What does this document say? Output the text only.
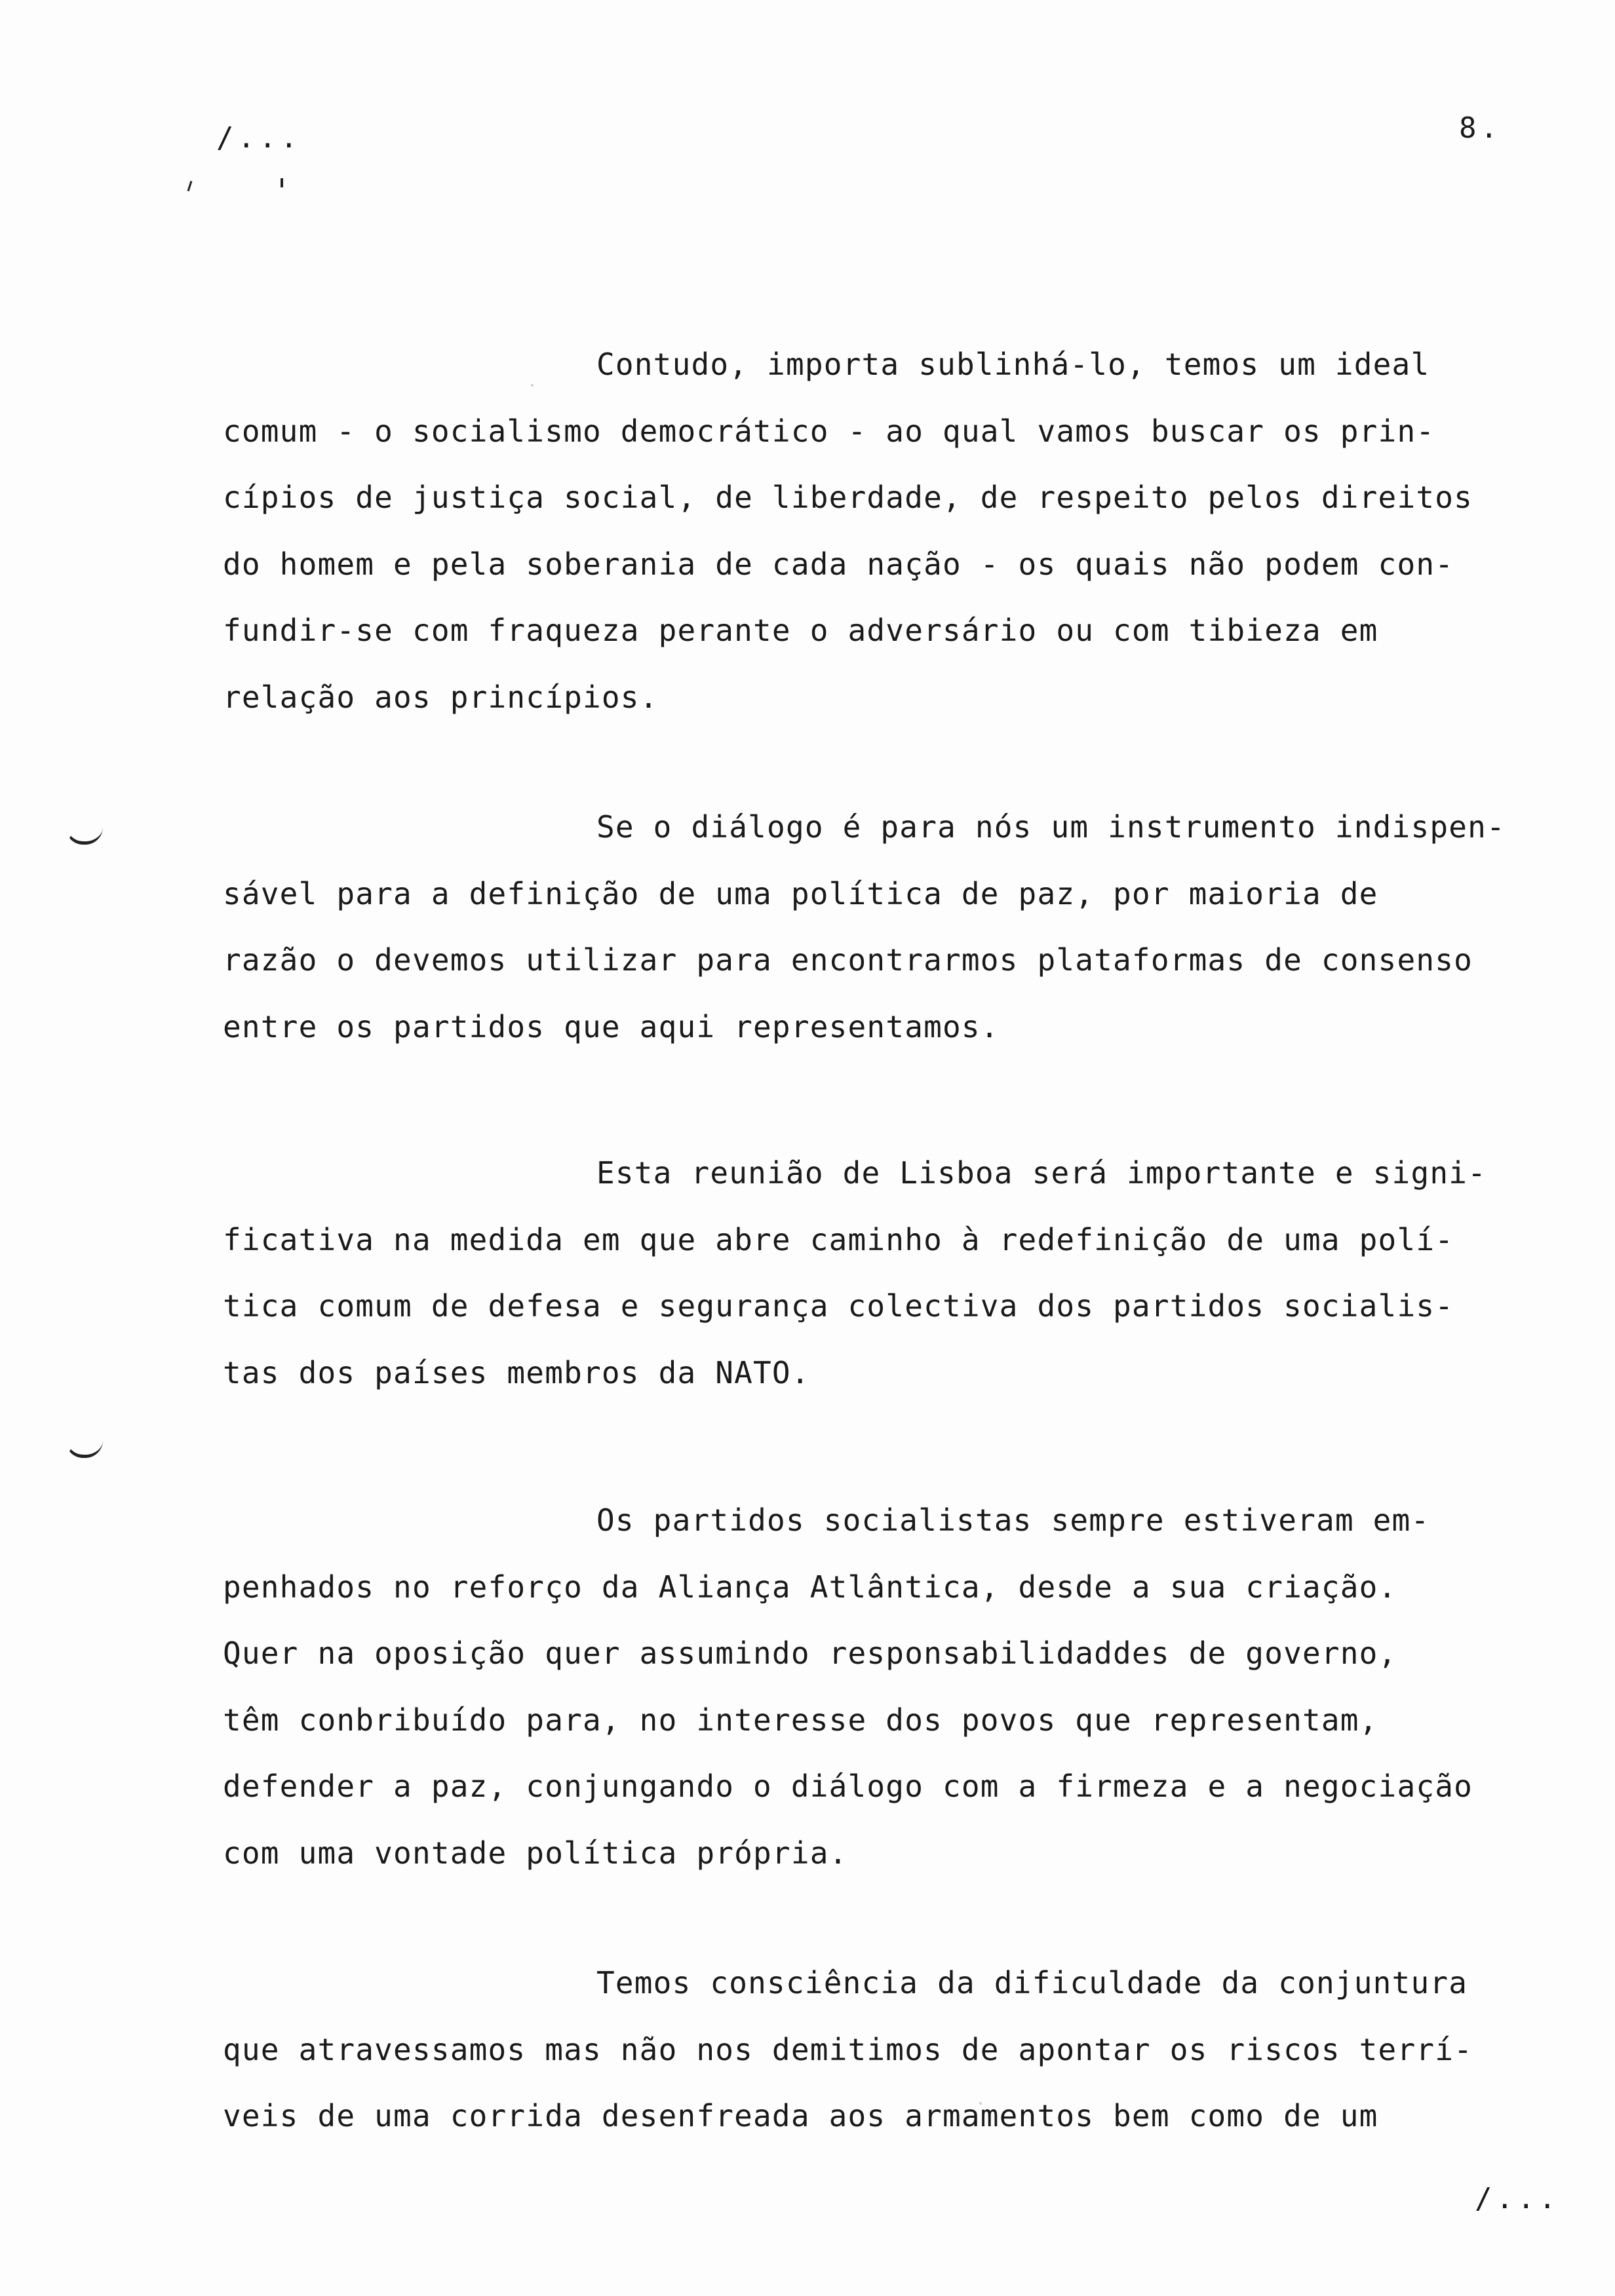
/...	8.

Contudo, importa sublinhá-lo, temos um ideal
comum - o socialismo democrático - ao qual vamos buscar os prin-
cípios de justiça social, de liberdade, de respeito pelos direitos
do homem e pela soberania de cada nação - os quais não podem con-
fundir-se com fraqueza perante o adversário ou com tibieza em
relação aos princípios.

Se o diálogo é para nós um instrumento indispen-
sável para a definição de uma política de paz, por maioria de
razão o devemos utilizar para encontrarmos plataformas de consenso
entre os partidos que aqui representamos.

Esta reunião de Lisboa será importante e signi-
ficativa na medida em que abre caminho à redefinição de uma polí-
tica comum de defesa e segurança colectiva dos partidos socialis-
tas dos países membros da NATO.

Os partidos socialistas sempre estiveram em-
penhados no reforço da Aliança Atlântica, desde a sua criação.
Quer na oposição quer assumindo responsabilidaddes de governo,
têm conbribuído para, no interesse dos povos que representam,
defender a paz, conjungando o diálogo com a firmeza e a negociação
com uma vontade política própria.

Temos consciência da dificuldade da conjuntura
que atravessamos mas não nos demitimos de apontar os riscos terrí-
veis de uma corrida desenfreada aos armamentos bem como de um

/...
